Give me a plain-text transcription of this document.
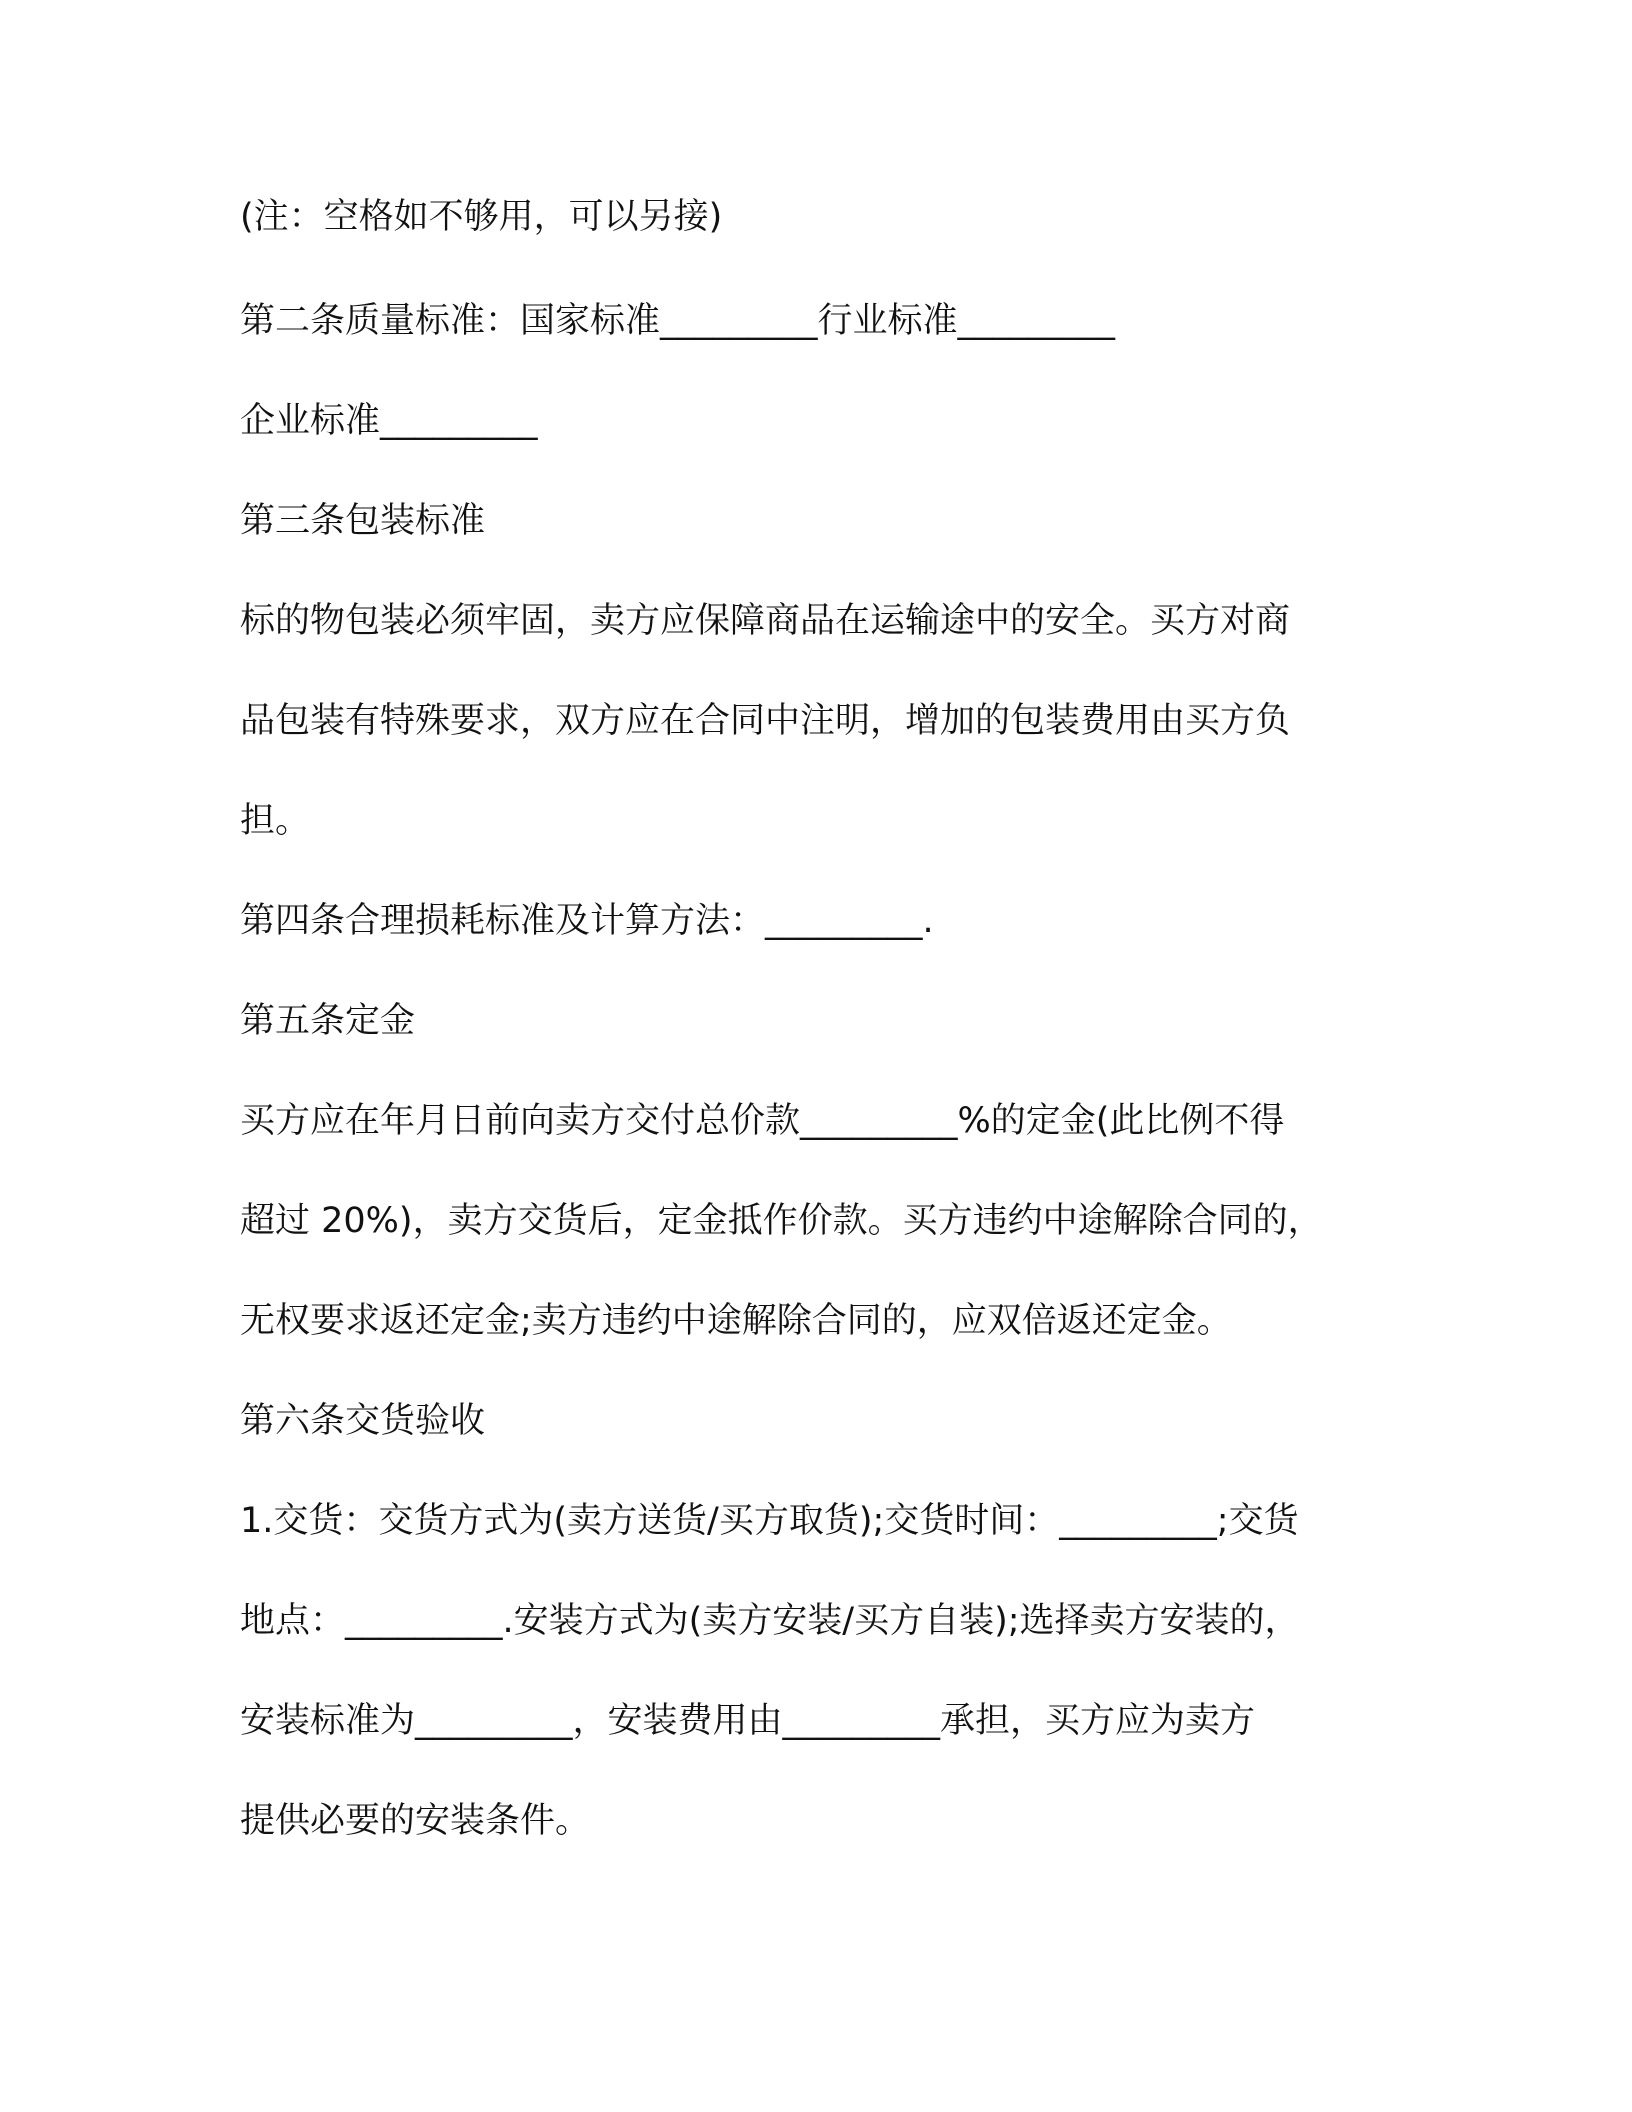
(注：空格如不够用，可以另接)

第二条质量标准：国家标准_________行业标准_________

企业标准_________

第三条包装标准

标的物包装必须牢固，卖方应保障商品在运输途中的安全。买方对商

品包装有特殊要求，双方应在合同中注明，增加的包装费用由买方负

担。

第四条合理损耗标准及计算方法：_________.

第五条定金

买方应在年月日前向卖方交付总价款_________%的定金(此比例不得

超过 20%)，卖方交货后，定金抵作价款。买方违约中途解除合同的，

无权要求返还定金;卖方违约中途解除合同的，应双倍返还定金。

第六条交货验收

1.交货：交货方式为(卖方送货/买方取货);交货时间：_________;交货

地点：_________.安装方式为(卖方安装/买方自装);选择卖方安装的，

安装标准为_________，安装费用由_________承担，买方应为卖方

提供必要的安装条件。
